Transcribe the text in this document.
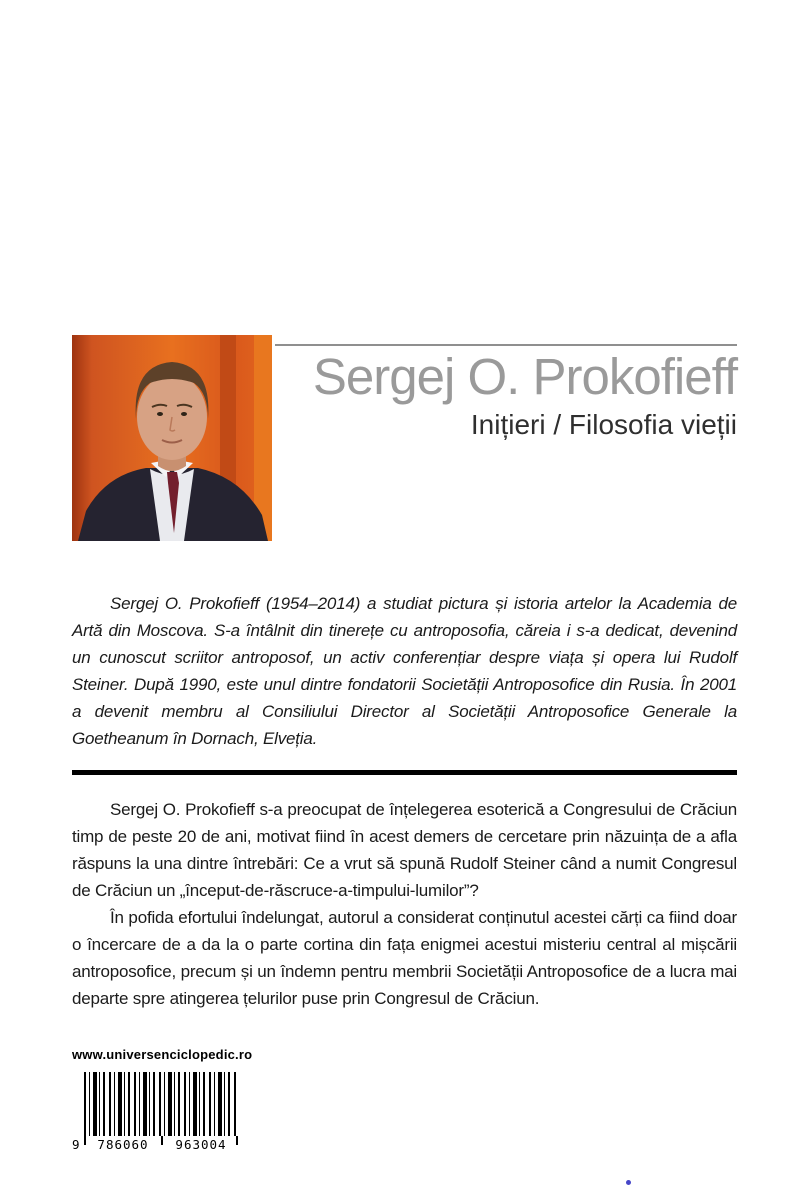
Sergej O. Prokofieff
Inițieri / Filosofia vieții

Sergej O. Prokofieff (1954–2014) a studiat pictura și istoria artelor la Academia de Artă din Moscova. S-a întâlnit din tinerețe cu antroposofia, căreia i s-a dedicat, devenind un cunoscut scriitor antroposof, un activ conferențiar despre viața și opera lui Rudolf Steiner. După 1990, este unul dintre fondatorii Societății Antroposofice din Rusia. În 2001 a devenit membru al Consiliului Director al Societății Antroposofice Generale la Goetheanum în Dornach, Elveția.

Sergej O. Prokofieff s-a preocupat de înțelegerea esoterică a Congresului de Crăciun timp de peste 20 de ani, motivat fiind în acest demers de cercetare prin năzuința de a afla răspuns la una dintre întrebări: Ce a vrut să spună Rudolf Steiner când a numit Congresul de Crăciun un „început-de-răscruce-a-timpului-lumilor”?

În pofida efortului îndelungat, autorul a considerat conținutul acestei cărți ca fiind doar o încercare de a da la o parte cortina din fața enigmei acestui misteriu central al mișcării antroposofice, precum și un îndemn pentru membrii Societății Antroposofice de a lucra mai departe spre atingerea țelurilor puse prin Congresul de Crăciun.

www.universenciclopedic.ro
9	786060	963004
